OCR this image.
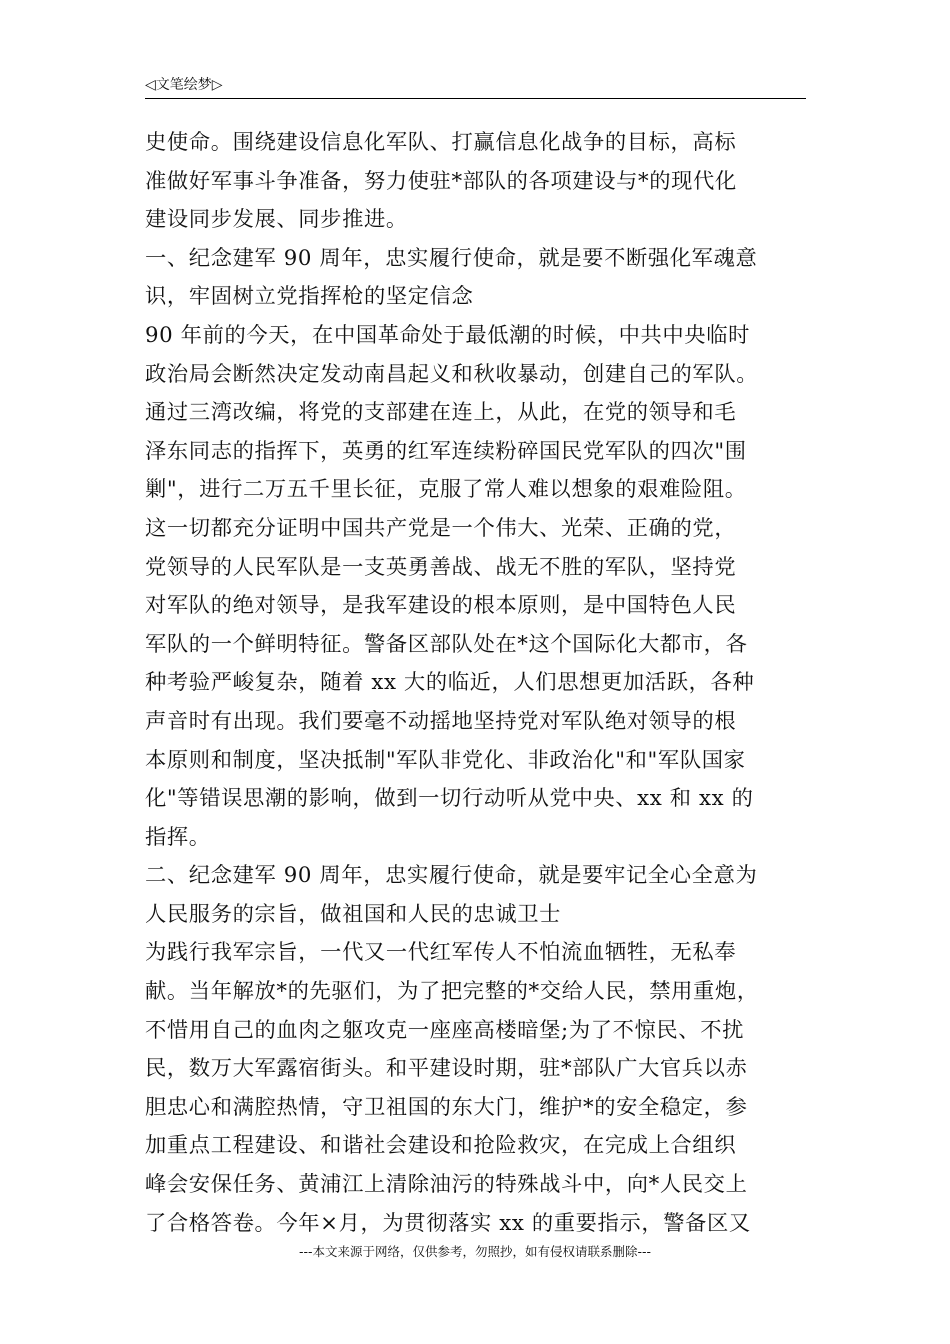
◁文笔绘梦▷
史使命。围绕建设信息化军队、打赢信息化战争的目标，高标
准做好军事斗争准备，努力使驻*部队的各项建设与*的现代化
建设同步发展、同步推进。
一、纪念建军 90 周年，忠实履行使命，就是要不断强化军魂意
识，牢固树立党指挥枪的坚定信念
90 年前的今天，在中国革命处于最低潮的时候，中共中央临时
政治局会断然决定发动南昌起义和秋收暴动，创建自己的军队。
通过三湾改编，将党的支部建在连上，从此，在党的领导和毛
泽东同志的指挥下，英勇的红军连续粉碎国民党军队的四次"围
剿"，进行二万五千里长征，克服了常人难以想象的艰难险阻。
这一切都充分证明中国共产党是一个伟大、光荣、正确的党，
党领导的人民军队是一支英勇善战、战无不胜的军队，坚持党
对军队的绝对领导，是我军建设的根本原则，是中国特色人民
军队的一个鲜明特征。警备区部队处在*这个国际化大都市，各
种考验严峻复杂，随着 xx 大的临近，人们思想更加活跃，各种
声音时有出现。我们要毫不动摇地坚持党对军队绝对领导的根
本原则和制度，坚决抵制"军队非党化、非政治化"和"军队国家
化"等错误思潮的影响，做到一切行动听从党中央、xx 和 xx 的
指挥。
二、纪念建军 90 周年，忠实履行使命，就是要牢记全心全意为
人民服务的宗旨，做祖国和人民的忠诚卫士
为践行我军宗旨，一代又一代红军传人不怕流血牺牲，无私奉
献。当年解放*的先驱们，为了把完整的*交给人民，禁用重炮，
不惜用自己的血肉之躯攻克一座座高楼暗堡;为了不惊民、不扰
民，数万大军露宿街头。和平建设时期，驻*部队广大官兵以赤
胆忠心和满腔热情，守卫祖国的东大门，维护*的安全稳定，参
加重点工程建设、和谐社会建设和抢险救灾，在完成上合组织
峰会安保任务、黄浦江上清除油污的特殊战斗中，向*人民交上
了合格答卷。今年×月，为贯彻落实 xx 的重要指示，警备区又
---本文来源于网络，仅供参考，勿照抄，如有侵权请联系删除---
